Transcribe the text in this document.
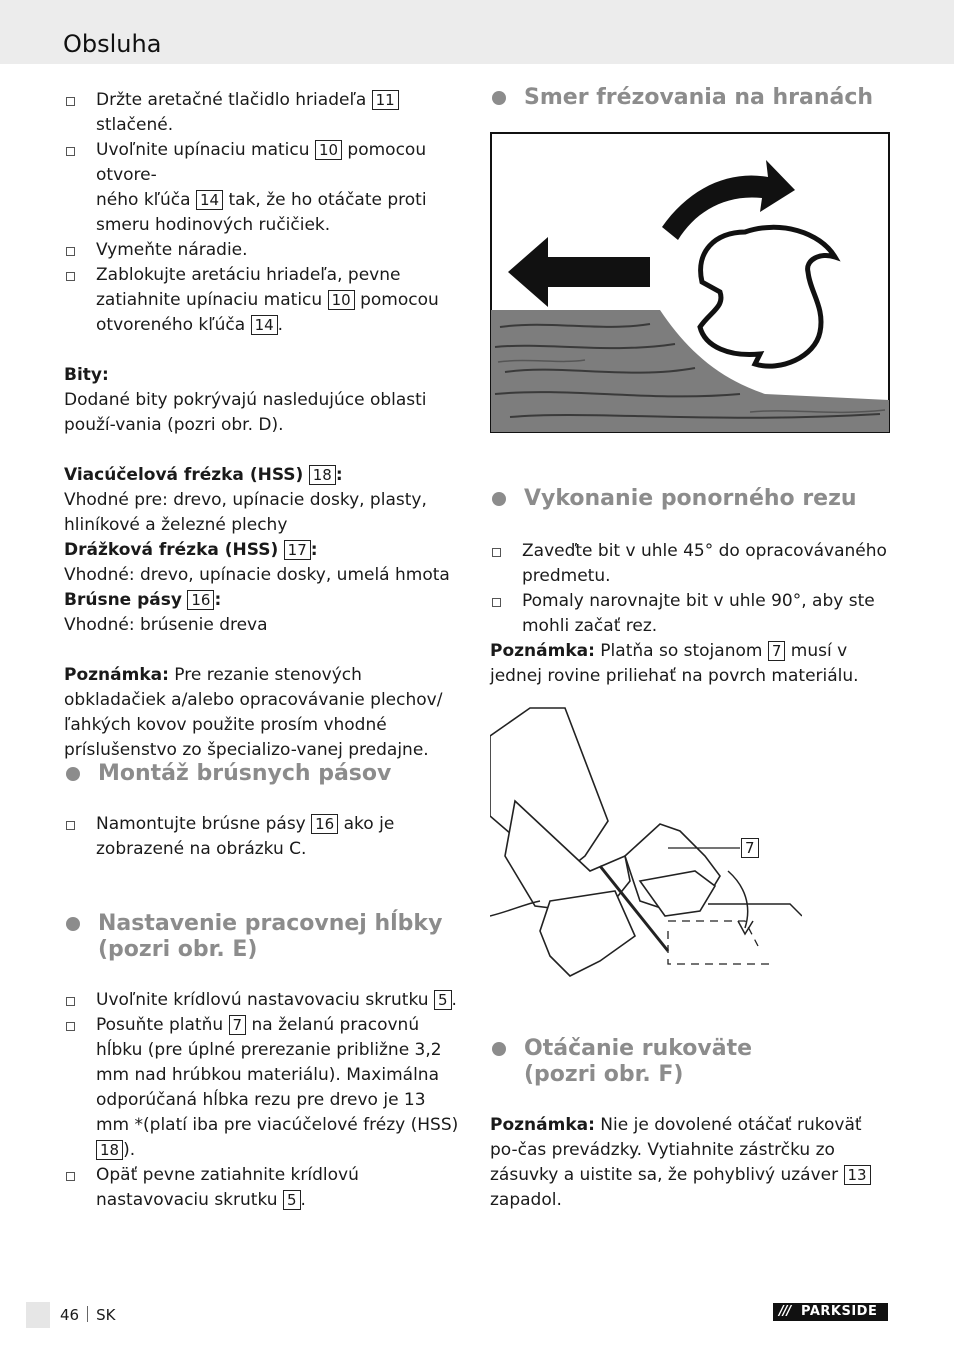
Obsluha
Držte aretačné tlačidlo hriadeľa 11 stlačené.
Uvoľnite upínaciu maticu 10 pomocou otvore-
ného kľúča 14 tak, že ho otáčate proti smeru hodinových ručičiek.
Vymeňte náradie.
Zablokujte aretáciu hriadeľa, pevne zatiahnite upínaciu maticu 10 pomocou otvoreného kľúča 14 .

Bity:

Dodané bity pokrývajú nasledujúce oblasti použí-vania (pozri obr. D).

Viacúčelová frézka (HSS) 18 :

Vhodné pre: drevo, upínacie dosky, plasty, hliníkové a železné plechy

Drážková frézka (HSS) 17 :

Vhodné: drevo, upínacie dosky, umelá hmota

Brúsne pásy 16 :

Vhodné: brúsenie dreva

Poznámka: Pre rezanie stenových obkladačiek a/alebo opracovávanie plechov/ľahkých kovov použite prosím vhodné príslušenstvo zo špecializo-vanej predajne.

Montáž brúsnych pásov
Namontujte brúsne pásy 16 ako je zobrazené na obrázku C.
Nastavenie pracovnej hĺbky
(pozri obr. E)
Uvoľnite krídlovú nastavovaciu skrutku 5 .
Posuňte platňu 7 na želanú pracovnú hĺbku (pre úplné prerezanie približne 3,2 mm nad hrúbkou materiálu). Maximálna odporúčaná hĺbka rezu pre drevo je 13 mm *(platí iba pre viacúčelové frézy (HSS) 18 ).
Opäť pevne zatiahnite krídlovú nastavovaciu skrutku 5 .
Smer frézovania na hranách
Vykonanie ponorného rezu
Zaveďte bit v uhle 45° do opracovávaného predmetu.
Pomaly narovnajte bit v uhle 90°, aby ste mohli začať rez.

Poznámka: Platňa so stojanom 7 musí v jednej rovine priliehať na povrch materiálu.

7
Otáčanie rukoväte
(pozri obr. F)

Poznámka: Nie je dovolené otáčať rukoväť po-čas prevádzky. Vytiahnite zástrčku zo zásuvky a uistite sa, že pohyblivý uzáver 13 zapadol.

46 SK	/// PARKSIDE
